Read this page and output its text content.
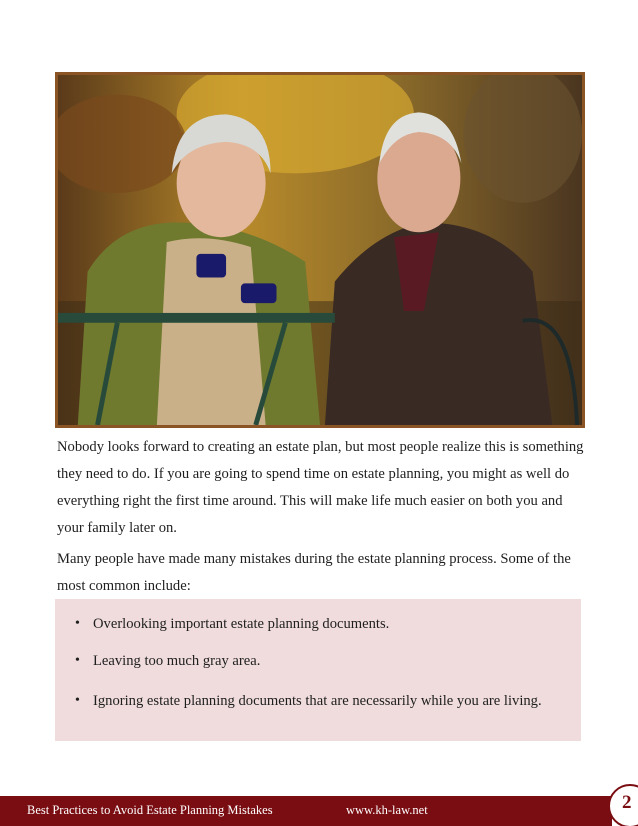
Nobody looks forward to creating an estate plan, but most people realize this is something they need to do. If you are going to spend time on estate planning, you might as well do everything right the first time around. This will make life much easier on both you and your family later on.

Many people have made many mistakes during the estate planning process. Some of the most common include:

• Overlooking important estate planning documents.
• Leaving too much gray area.
• Ignoring estate planning documents that are necessarily while you are living.
Best Practices to Avoid Estate Planning Mistakes	www.kh-law.net	2
